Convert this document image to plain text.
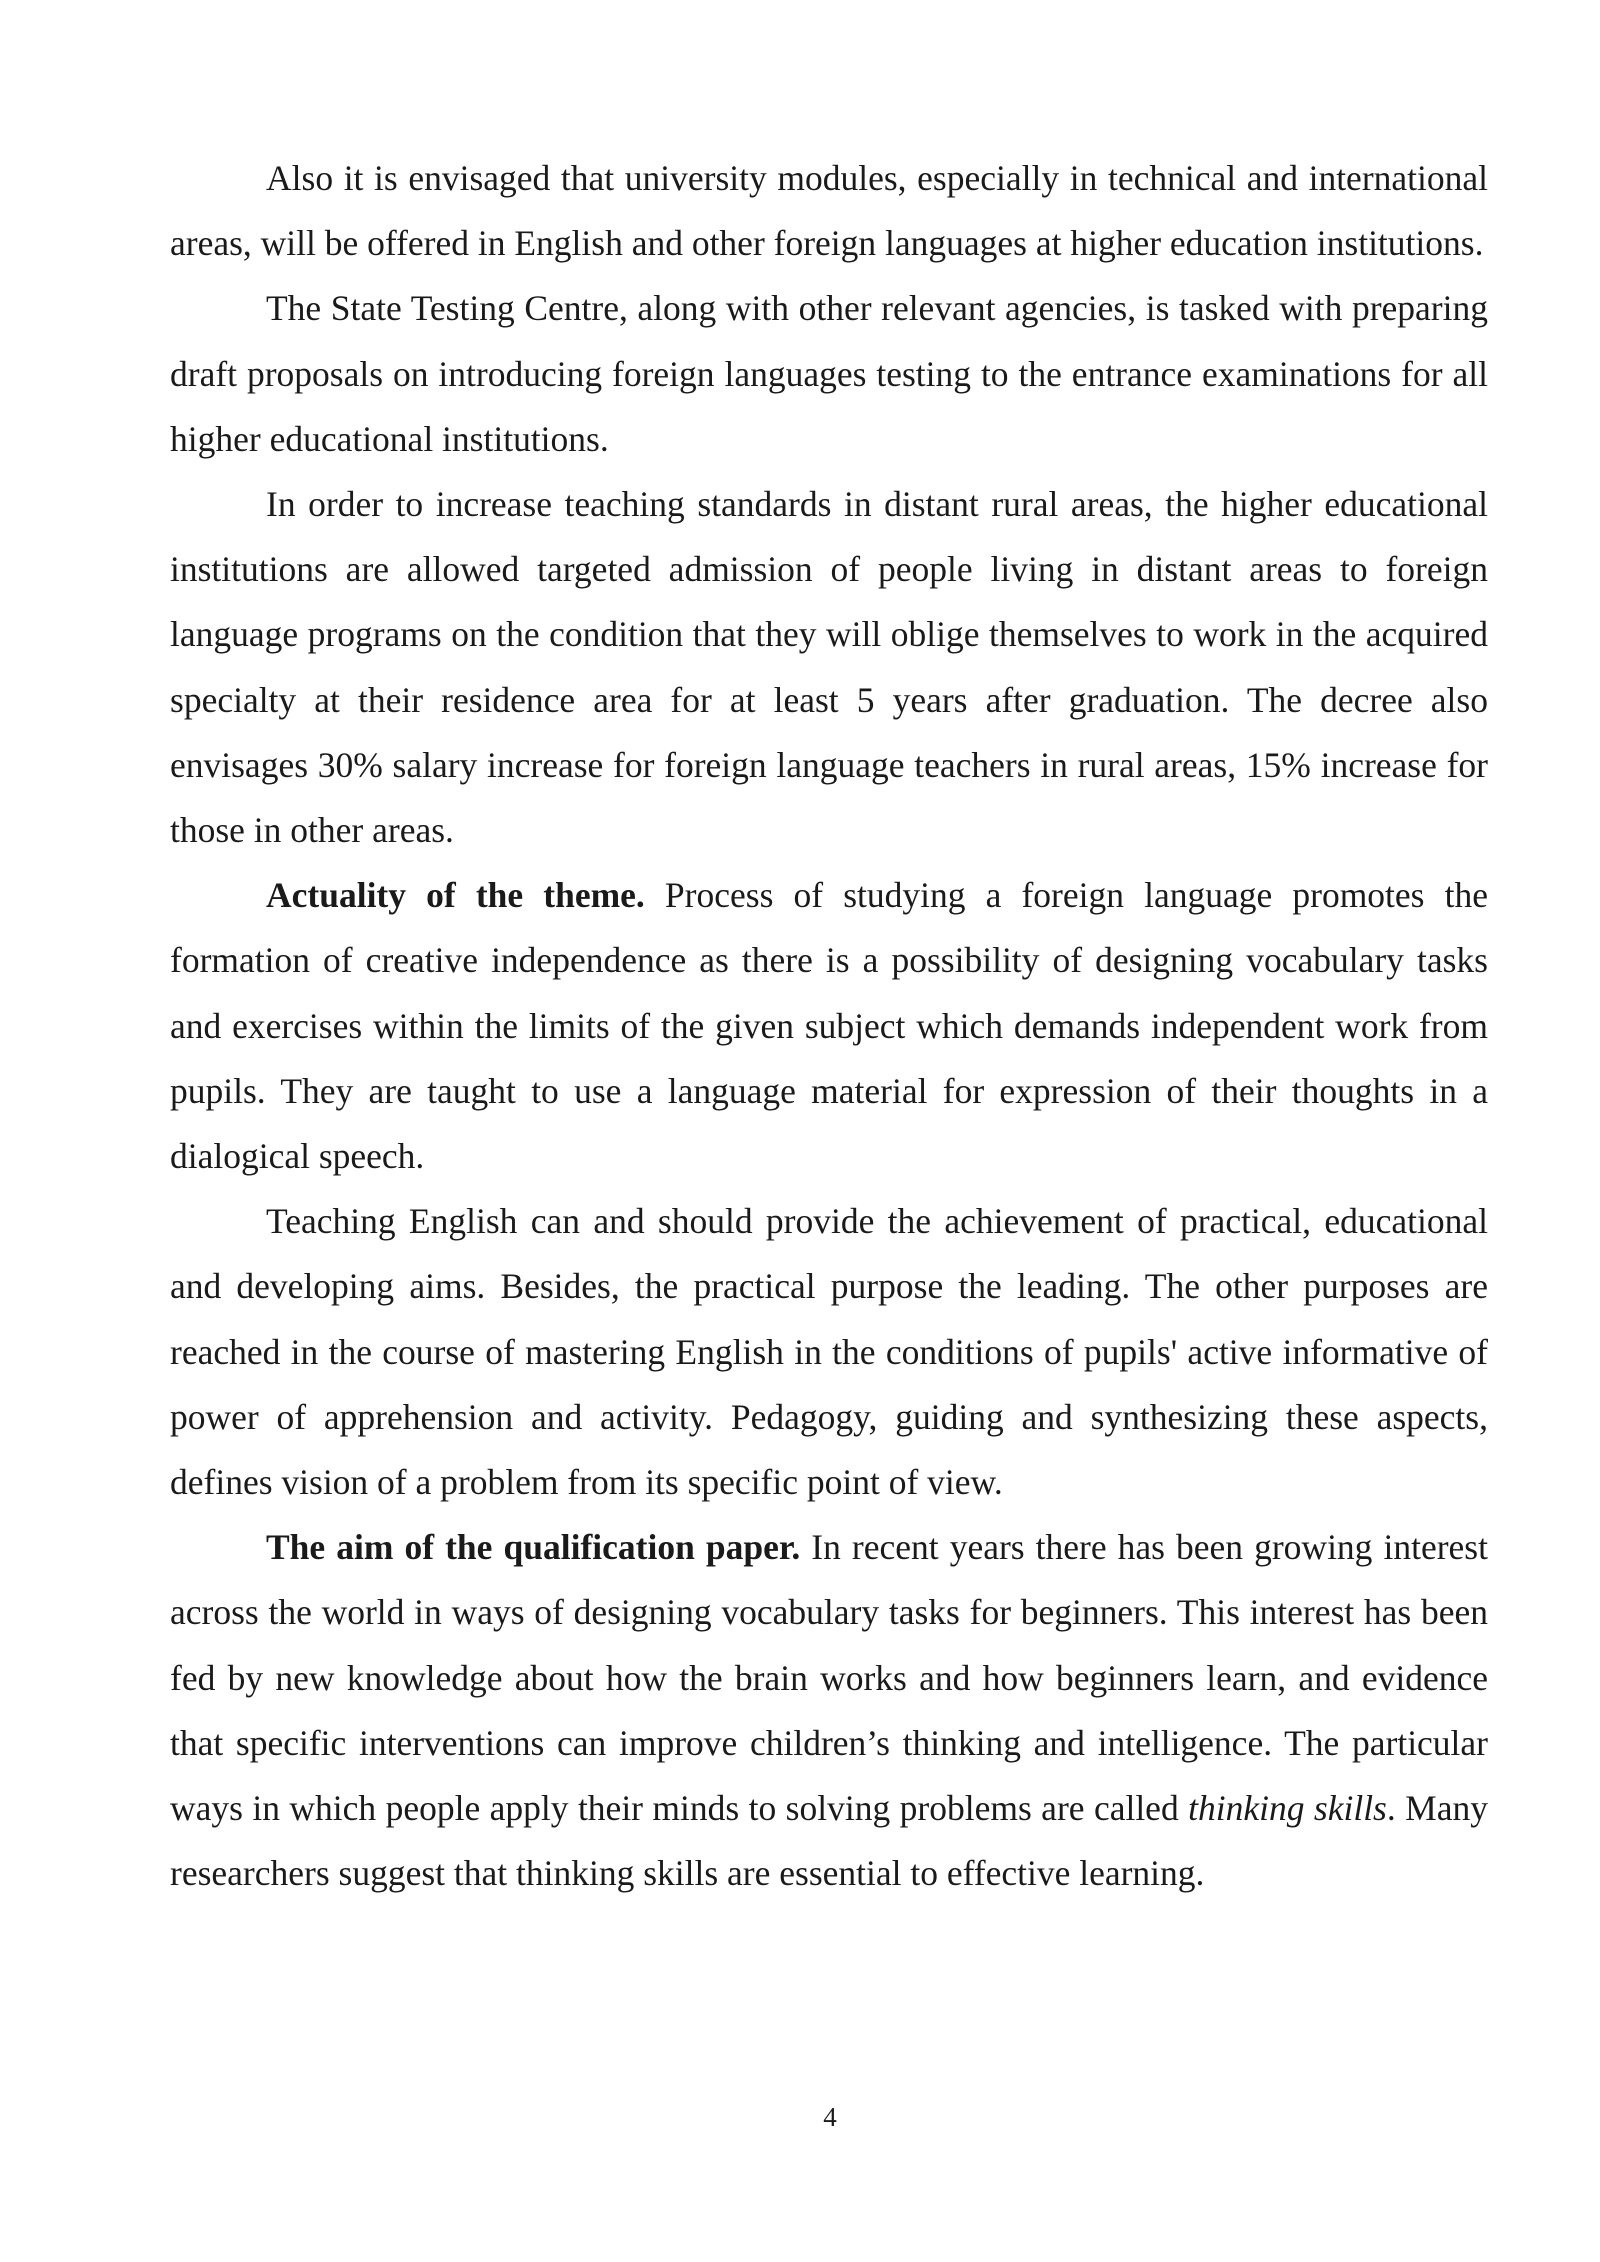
Also it is envisaged that university modules, especially in technical and international areas, will be offered in English and other foreign languages at higher education institutions.

The State Testing Centre, along with other relevant agencies, is tasked with preparing draft proposals on introducing foreign languages testing to the entrance examinations for all higher educational institutions.

In order to increase teaching standards in distant rural areas, the higher educational institutions are allowed targeted admission of people living in distant areas to foreign language programs on the condition that they will oblige themselves to work in the acquired specialty at their residence area for at least 5 years after graduation. The decree also envisages 30% salary increase for foreign language teachers in rural areas, 15% increase for those in other areas.

Actuality of the theme. Process of studying a foreign language promotes the formation of creative independence as there is a possibility of designing vocabulary tasks and exercises within the limits of the given subject which demands independent work from pupils. They are taught to use a language material for expression of their thoughts in a dialogical speech.

Teaching English can and should provide the achievement of practical, educational and developing aims. Besides, the practical purpose the leading. The other purposes are reached in the course of mastering English in the conditions of pupils' active informative of power of apprehension and activity. Pedagogy, guiding and synthesizing these aspects, defines vision of a problem from its specific point of view.

The aim of the qualification paper. In recent years there has been growing interest across the world in ways of designing vocabulary tasks for beginners. This interest has been fed by new knowledge about how the brain works and how beginners learn, and evidence that specific interventions can improve children’s thinking and intelligence. The particular ways in which people apply their minds to solving problems are called thinking skills. Many researchers suggest that thinking skills are essential to effective learning.

4
